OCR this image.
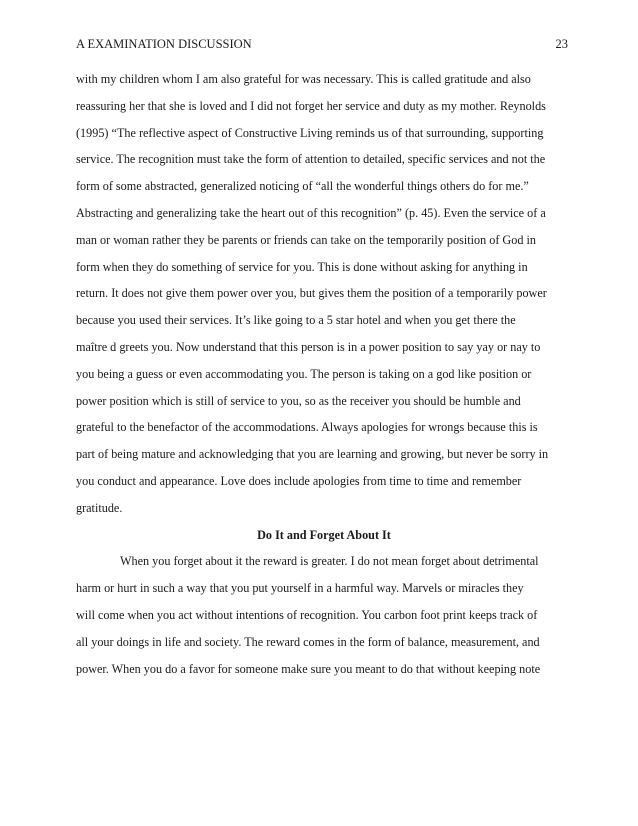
A EXAMINATION DISCUSSION	23
with my children whom I am also grateful for was necessary. This is called gratitude and also
reassuring her that she is loved and I did not forget her service and duty as my mother. Reynolds
(1995) “The reflective aspect of Constructive Living reminds us of that surrounding, supporting
service. The recognition must take the form of attention to detailed, specific services and not the
form of some abstracted, generalized noticing of “all the wonderful things others do for me.”
Abstracting and generalizing take the heart out of this recognition” (p. 45). Even the service of a
man or woman rather they be parents or friends can take on the temporarily position of God in
form when they do something of service for you. This is done without asking for anything in
return. It does not give them power over you, but gives them the position of a temporarily power
because you used their services. It’s like going to a 5 star hotel and when you get there the
maître d greets you. Now understand that this person is in a power position to say yay or nay to
you being a guess or even accommodating you. The person is taking on a god like position or
power position which is still of service to you, so as the receiver you should be humble and
grateful to the benefactor of the accommodations. Always apologies for wrongs because this is
part of being mature and acknowledging that you are learning and growing, but never be sorry in
you conduct and appearance. Love does include apologies from time to time and remember
gratitude.
Do It and Forget About It
When you forget about it the reward is greater. I do not mean forget about detrimental
harm or hurt in such a way that you put yourself in a harmful way. Marvels or miracles they
will come when you act without intentions of recognition. You carbon foot print keeps track of
all your doings in life and society. The reward comes in the form of balance, measurement, and
power. When you do a favor for someone make sure you meant to do that without keeping note
